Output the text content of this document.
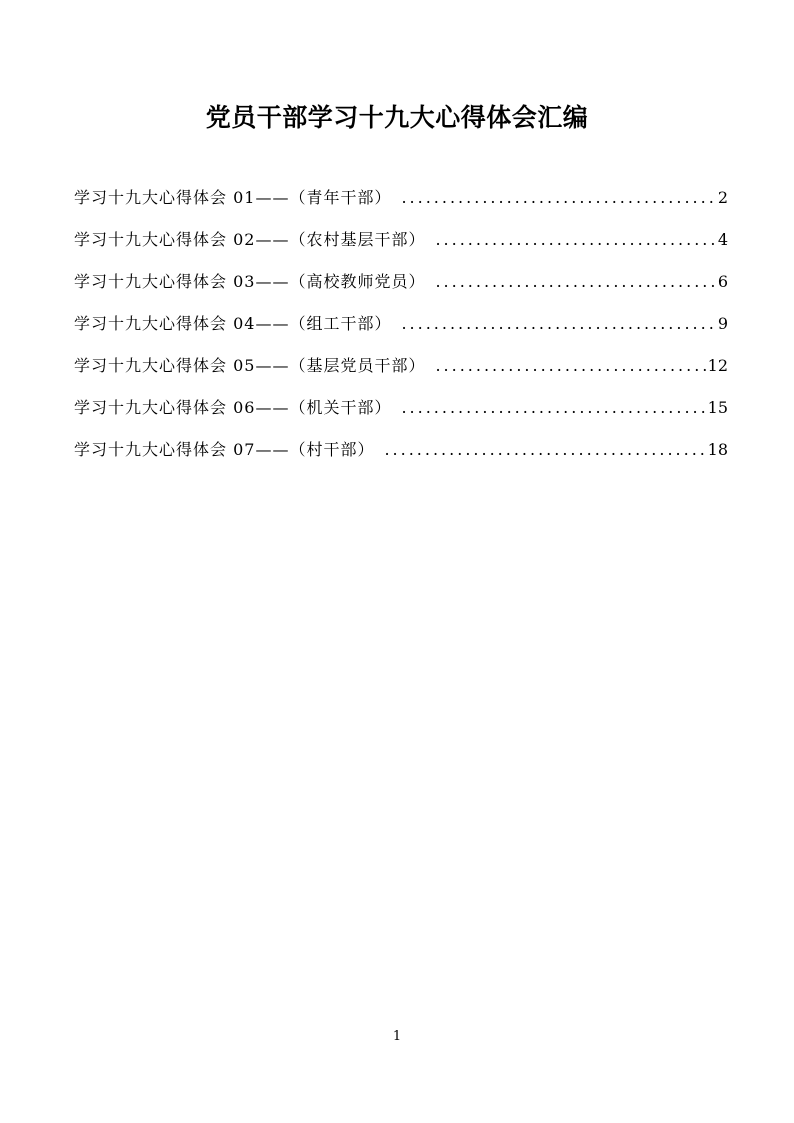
党员干部学习十九大心得体会汇编
学习十九大心得体会 01——（青年干部） .....	2
学习十九大心得体会 02——（农村基层干部） .....	4
学习十九大心得体会 03——（高校教师党员） .....	6
学习十九大心得体会 04——（组工干部） .....	9
学习十九大心得体会 05——（基层党员干部） .....	12
学习十九大心得体会 06——（机关干部） .....	15
学习十九大心得体会 07——（村干部） .....	18
1
